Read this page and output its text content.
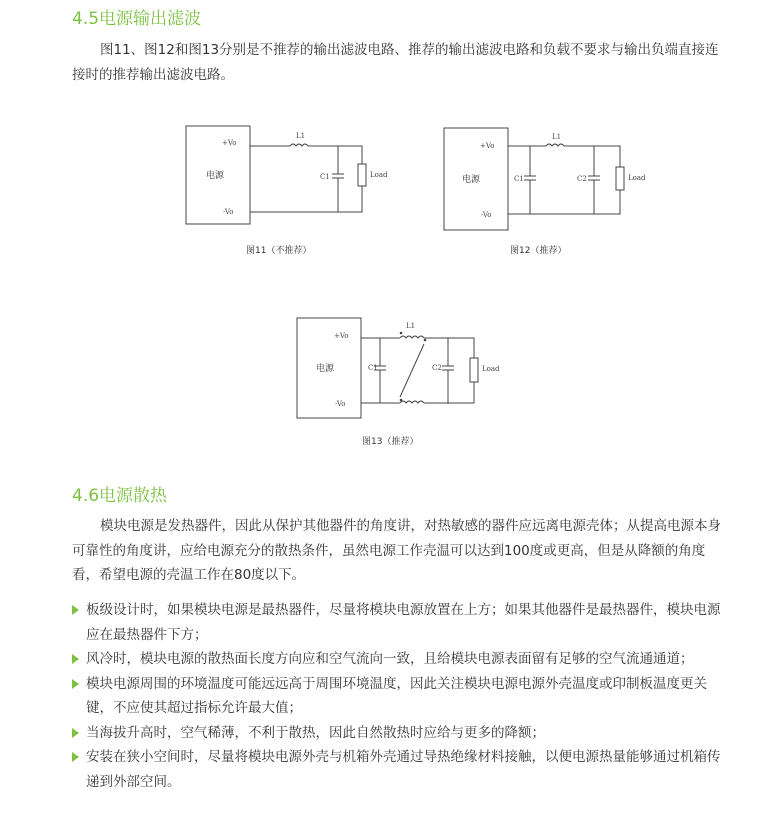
4.5电源输出滤波

图11、图12和图13分别是不推荐的输出滤波电路、推荐的输出滤波电路和负载不要求与输出负端直接连接时的推荐输出滤波电路。

电源
+Vo
-Vo
L1
C1	Load
图11（不推荐）
电源
+Vo
-Vo
L1
C1	C2	Load
图12（推荐）
电源
+Vo
-Vo
L1
C1	C2	Load
图13（推荐）
4.6电源散热

模块电源是发热器件，因此从保护其他器件的角度讲，对热敏感的器件应远离电源壳体；从提高电源本身可靠性的角度讲，应给电源充分的散热条件，虽然电源工作壳温可以达到100度或更高，但是从降额的角度看，希望电源的壳温工作在80度以下。

板级设计时，如果模块电源是最热器件，尽量将模块电源放置在上方；如果其他器件是最热器件，模块电源应在最热器件下方；
风冷时，模块电源的散热面长度方向应和空气流向一致，且给模块电源表面留有足够的空气流通通道；
模块电源周围的环境温度可能远远高于周围环境温度，因此关注模块电源电源外壳温度或印制板温度更关键，不应使其超过指标允许最大值；
当海拔升高时，空气稀薄，不利于散热，因此自然散热时应给与更多的降额；
安装在狭小空间时，尽量将模块电源外壳与机箱外壳通过导热绝缘材料接触，以便电源热量能够通过机箱传递到外部空间。
